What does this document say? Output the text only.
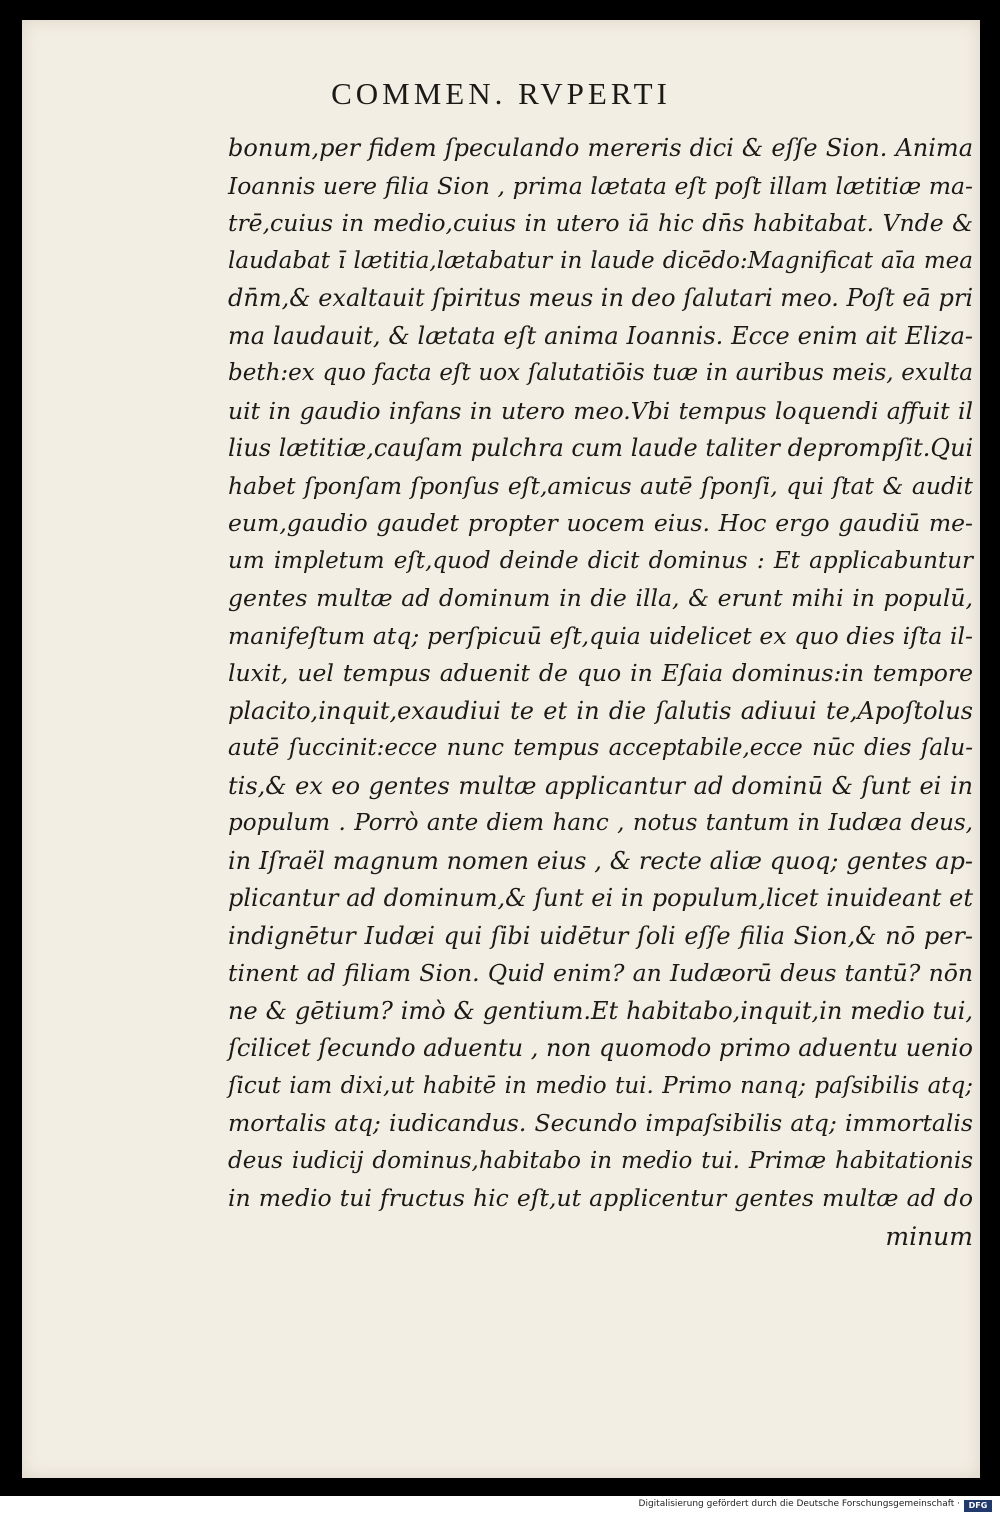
COMMEN. RVPERTI
bonum,per fidem ſpeculando mereris dici & eſſe Sion. Anima
Ioannis uere filia Sion , prima lætata eſt poſt illam lætitiæ ma-
trē,cuius in medio,cuius in utero iā hic dn̄s habitabat. Vnde &
laudabat ī lætitia,lætabatur in laude dicēdo:Magnificat aīa mea
dn̄m,& exaltauit ſpiritus meus in deo ſalutari meo. Poſt eā pri
ma laudauit, & lætata eſt anima Ioannis. Ecce enim ait Eliza-
beth:ex quo facta eſt uox ſalutatiōis tuæ in auribus meis, exulta
uit in gaudio infans in utero meo.Vbi tempus loquendi affuit il
lius lætitiæ,cauſam pulchra cum laude taliter deprompſit.Qui
habet ſponſam ſponſus eſt,amicus autē ſponſi, qui ſtat & audit
eum,gaudio gaudet propter uocem eius. Hoc ergo gaudiū me-
um impletum eſt,quod deinde dicit dominus : Et applicabuntur
gentes multæ ad dominum in die illa, & erunt mihi in populū,
manifeſtum atq; perſpicuū eſt,quia uidelicet ex quo dies iſta il-
luxit, uel tempus aduenit de quo in Eſaia dominus:in tempore
placito,inquit,exaudiui te et in die ſalutis adiuui te,Apoſtolus
autē ſuccinit:ecce nunc tempus acceptabile,ecce nūc dies ſalu-
tis,& ex eo gentes multæ applicantur ad dominū & ſunt ei in
populum . Porrò ante diem hanc , notus tantum in Iudæa deus,
in Iſraël magnum nomen eius , & recte aliæ quoq; gentes ap-
plicantur ad dominum,& ſunt ei in populum,licet inuideant et
indignētur Iudæi qui ſibi uidētur ſoli eſſe filia Sion,& nō per-
tinent ad filiam Sion. Quid enim? an Iudæorū deus tantū? nōn
ne & gētium? imò & gentium.Et habitabo,inquit,in medio tui,
ſcilicet ſecundo aduentu , non quomodo primo aduentu uenio
ſicut iam dixi,ut habitē in medio tui. Primo nanq; paſsibilis atq;
mortalis atq; iudicandus. Secundo impaſsibilis atq; immortalis
deus iudicij dominus,habitabo in medio tui. Primæ habitationis
in medio tui fructus hic eſt,ut applicentur gentes multæ ad do
minum
Digitalisierung gefördert durch die Deutsche Forschungsgemeinschaft ·	DFG
